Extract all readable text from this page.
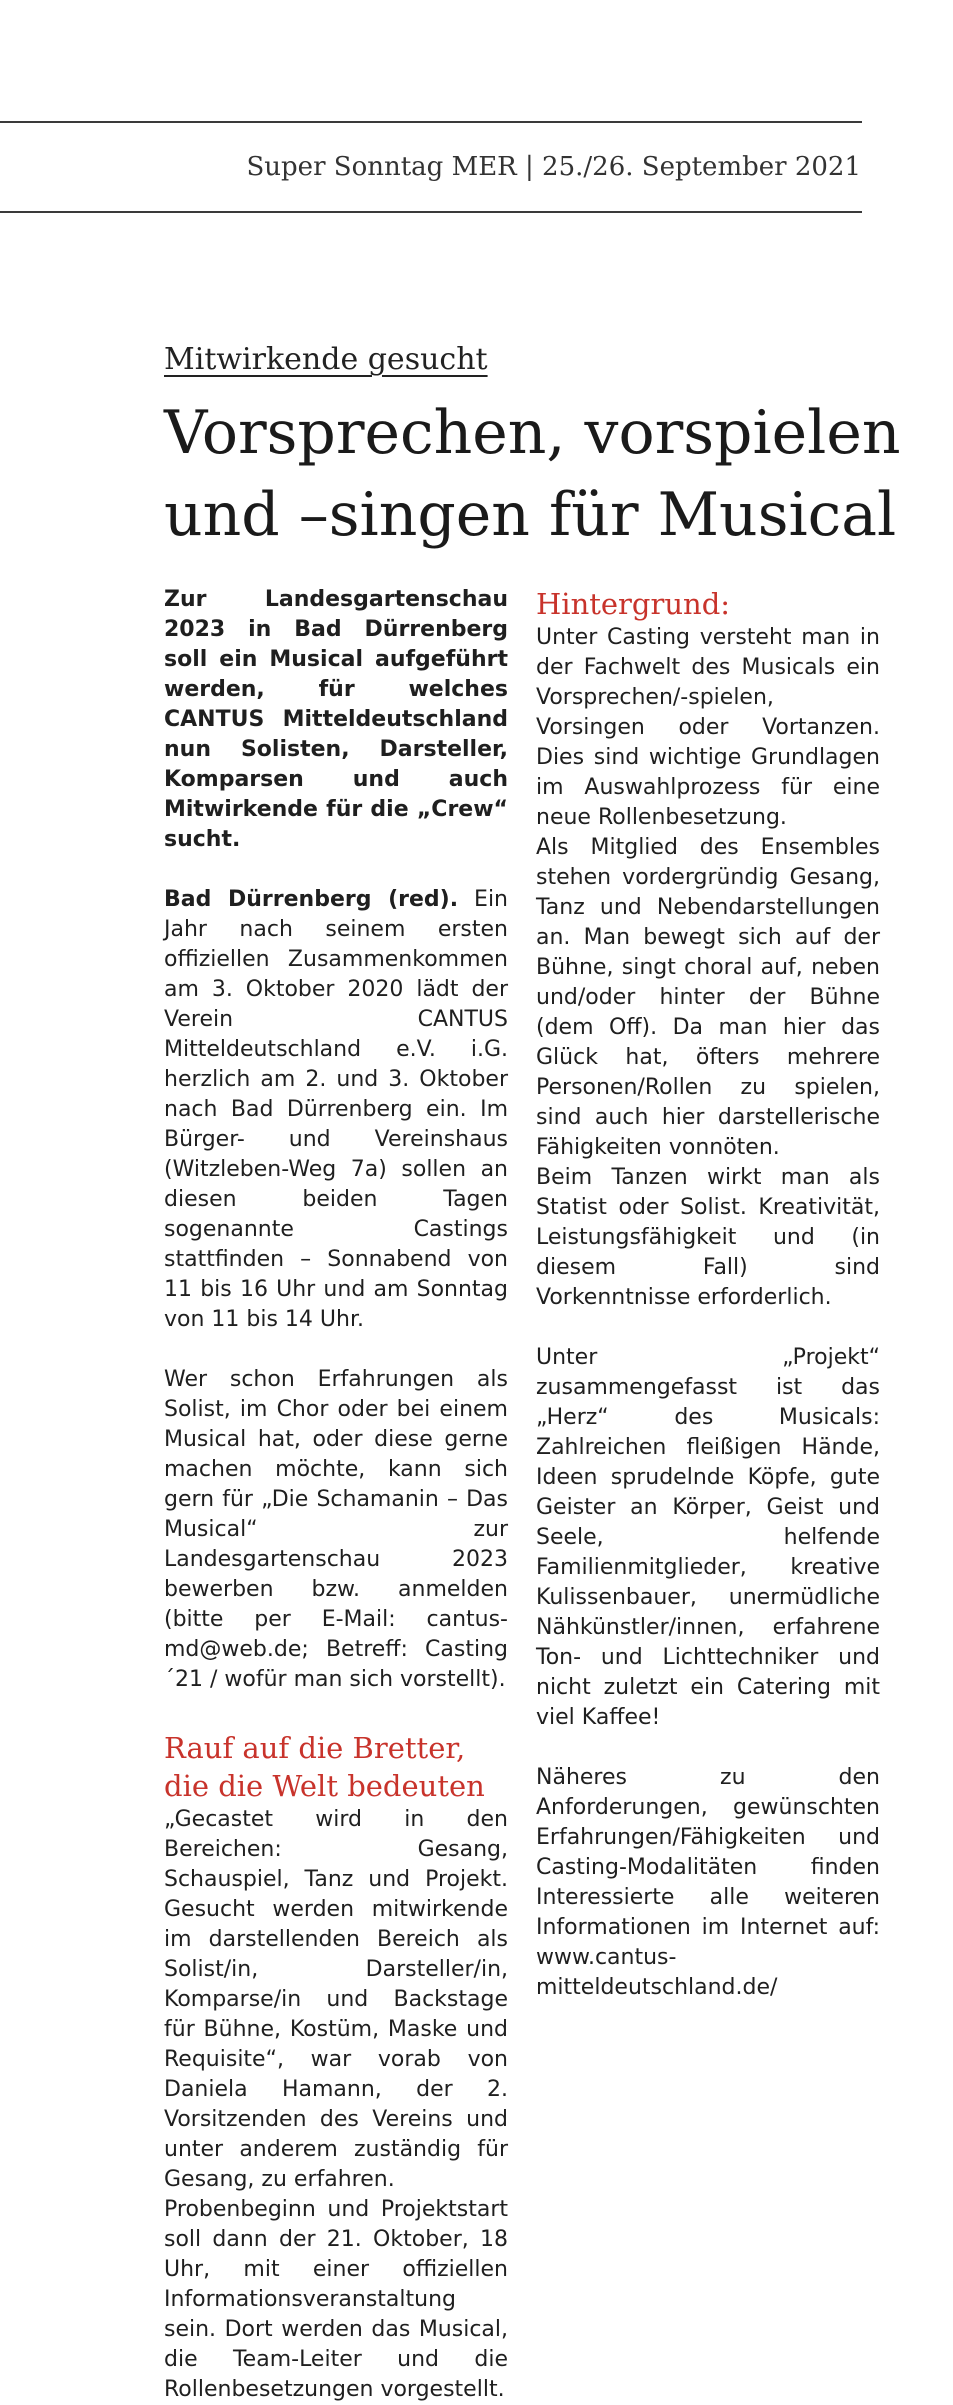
Super Sonntag MER | 25./26. September 2021
Mitwirkende gesucht
Vorsprechen, vorspielen und –singen für Musical

Zur Landesgartenschau 2023 in Bad Dürrenberg soll ein Musical aufgeführt werden, für welches CANTUS Mitteldeutschland nun Solisten, Darsteller, Komparsen und auch Mitwirkende für die „Crew“ sucht.

Bad Dürrenberg (red). Ein Jahr nach seinem ersten offiziellen Zusammenkommen am 3. Oktober 2020 lädt der Verein CANTUS Mitteldeutschland e.V. i.G. herzlich am 2. und 3. Oktober nach Bad Dürrenberg ein. Im Bürger- und Vereinshaus (Witzleben-Weg 7a) sollen an diesen beiden Tagen sogenannte Castings stattfinden – Sonnabend von 11 bis 16 Uhr und am Sonntag von 11 bis 14 Uhr.

Wer schon Erfahrungen als Solist, im Chor oder bei einem Musical hat, oder diese gerne machen möchte, kann sich gern für „Die Schamanin – Das Musical“ zur Landesgartenschau 2023 bewerben bzw. anmelden (bitte per E-Mail: cantus-md@web.de; Betreff: Casting ´21 / wofür man sich vorstellt).

Rauf auf die Bretter, die die Welt bedeuten

„Gecastet wird in den Bereichen: Gesang, Schauspiel, Tanz und Projekt. Gesucht werden mitwirkende im darstellenden Bereich als Solist/in, Darsteller/in, Komparse/in und Backstage für Bühne, Kostüm, Maske und Requisite“, war vorab von Daniela Hamann, der 2. Vorsitzenden des Vereins und unter anderem zuständig für Gesang, zu erfahren.

Probenbeginn und Projektstart soll dann der 21. Oktober, 18 Uhr, mit einer offiziellen Informationsveranstaltung sein. Dort werden das Musical, die Team-Leiter und die Rollenbesetzungen vorgestellt.

Hintergrund:

Unter Casting versteht man in der Fachwelt des Musicals ein Vorsprechen/-spielen, Vorsingen oder Vortanzen. Dies sind wichtige Grundlagen im Auswahlprozess für eine neue Rollenbesetzung.

Als Mitglied des Ensembles stehen vordergründig Gesang, Tanz und Nebendarstellungen an. Man bewegt sich auf der Bühne, singt choral auf, neben und/oder hinter der Bühne (dem Off). Da man hier das Glück hat, öfters mehrere Personen/Rollen zu spielen, sind auch hier darstellerische Fähigkeiten vonnöten.

Beim Tanzen wirkt man als Statist oder Solist. Kreativität, Leistungsfähigkeit und (in diesem Fall) sind Vorkenntnisse erforderlich.

Unter „Projekt“ zusammengefasst ist das „Herz“ des Musicals: Zahlreichen fleißigen Hände, Ideen sprudelnde Köpfe, gute Geister an Körper, Geist und Seele, helfende Familienmitglieder, kreative Kulissenbauer, unermüdliche Nähkünstler/innen, erfahrene Ton- und Lichttechniker und nicht zuletzt ein Catering mit viel Kaffee!

Näheres zu den Anforderungen, gewünschten Erfahrungen/Fähigkeiten und Casting-Modalitäten finden Interessierte alle weiteren Informationen im Internet auf: www.cantus-mitteldeutschland.de/
